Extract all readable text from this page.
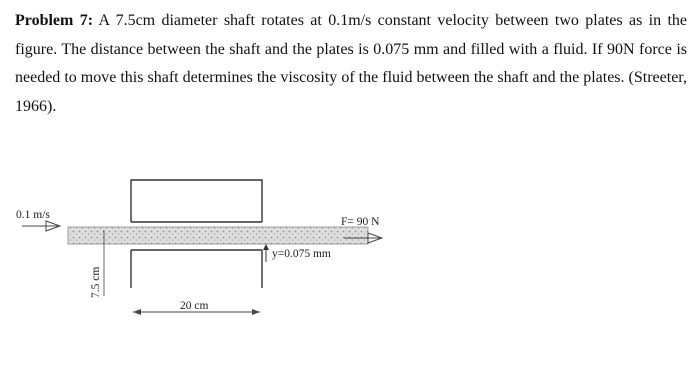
Problem 7: A 7.5cm diameter shaft rotates at 0.1m/s constant velocity between two plates as in the figure. The distance between the shaft and the plates is 0.075 mm and filled with a fluid. If 90N force is needed to move this shaft determines the viscosity of the fluid between the shaft and the plates. (Streeter, 1966).

0.1 m/s
F= 90 N
y=0.075 mm
7.5 cm
20 cm
